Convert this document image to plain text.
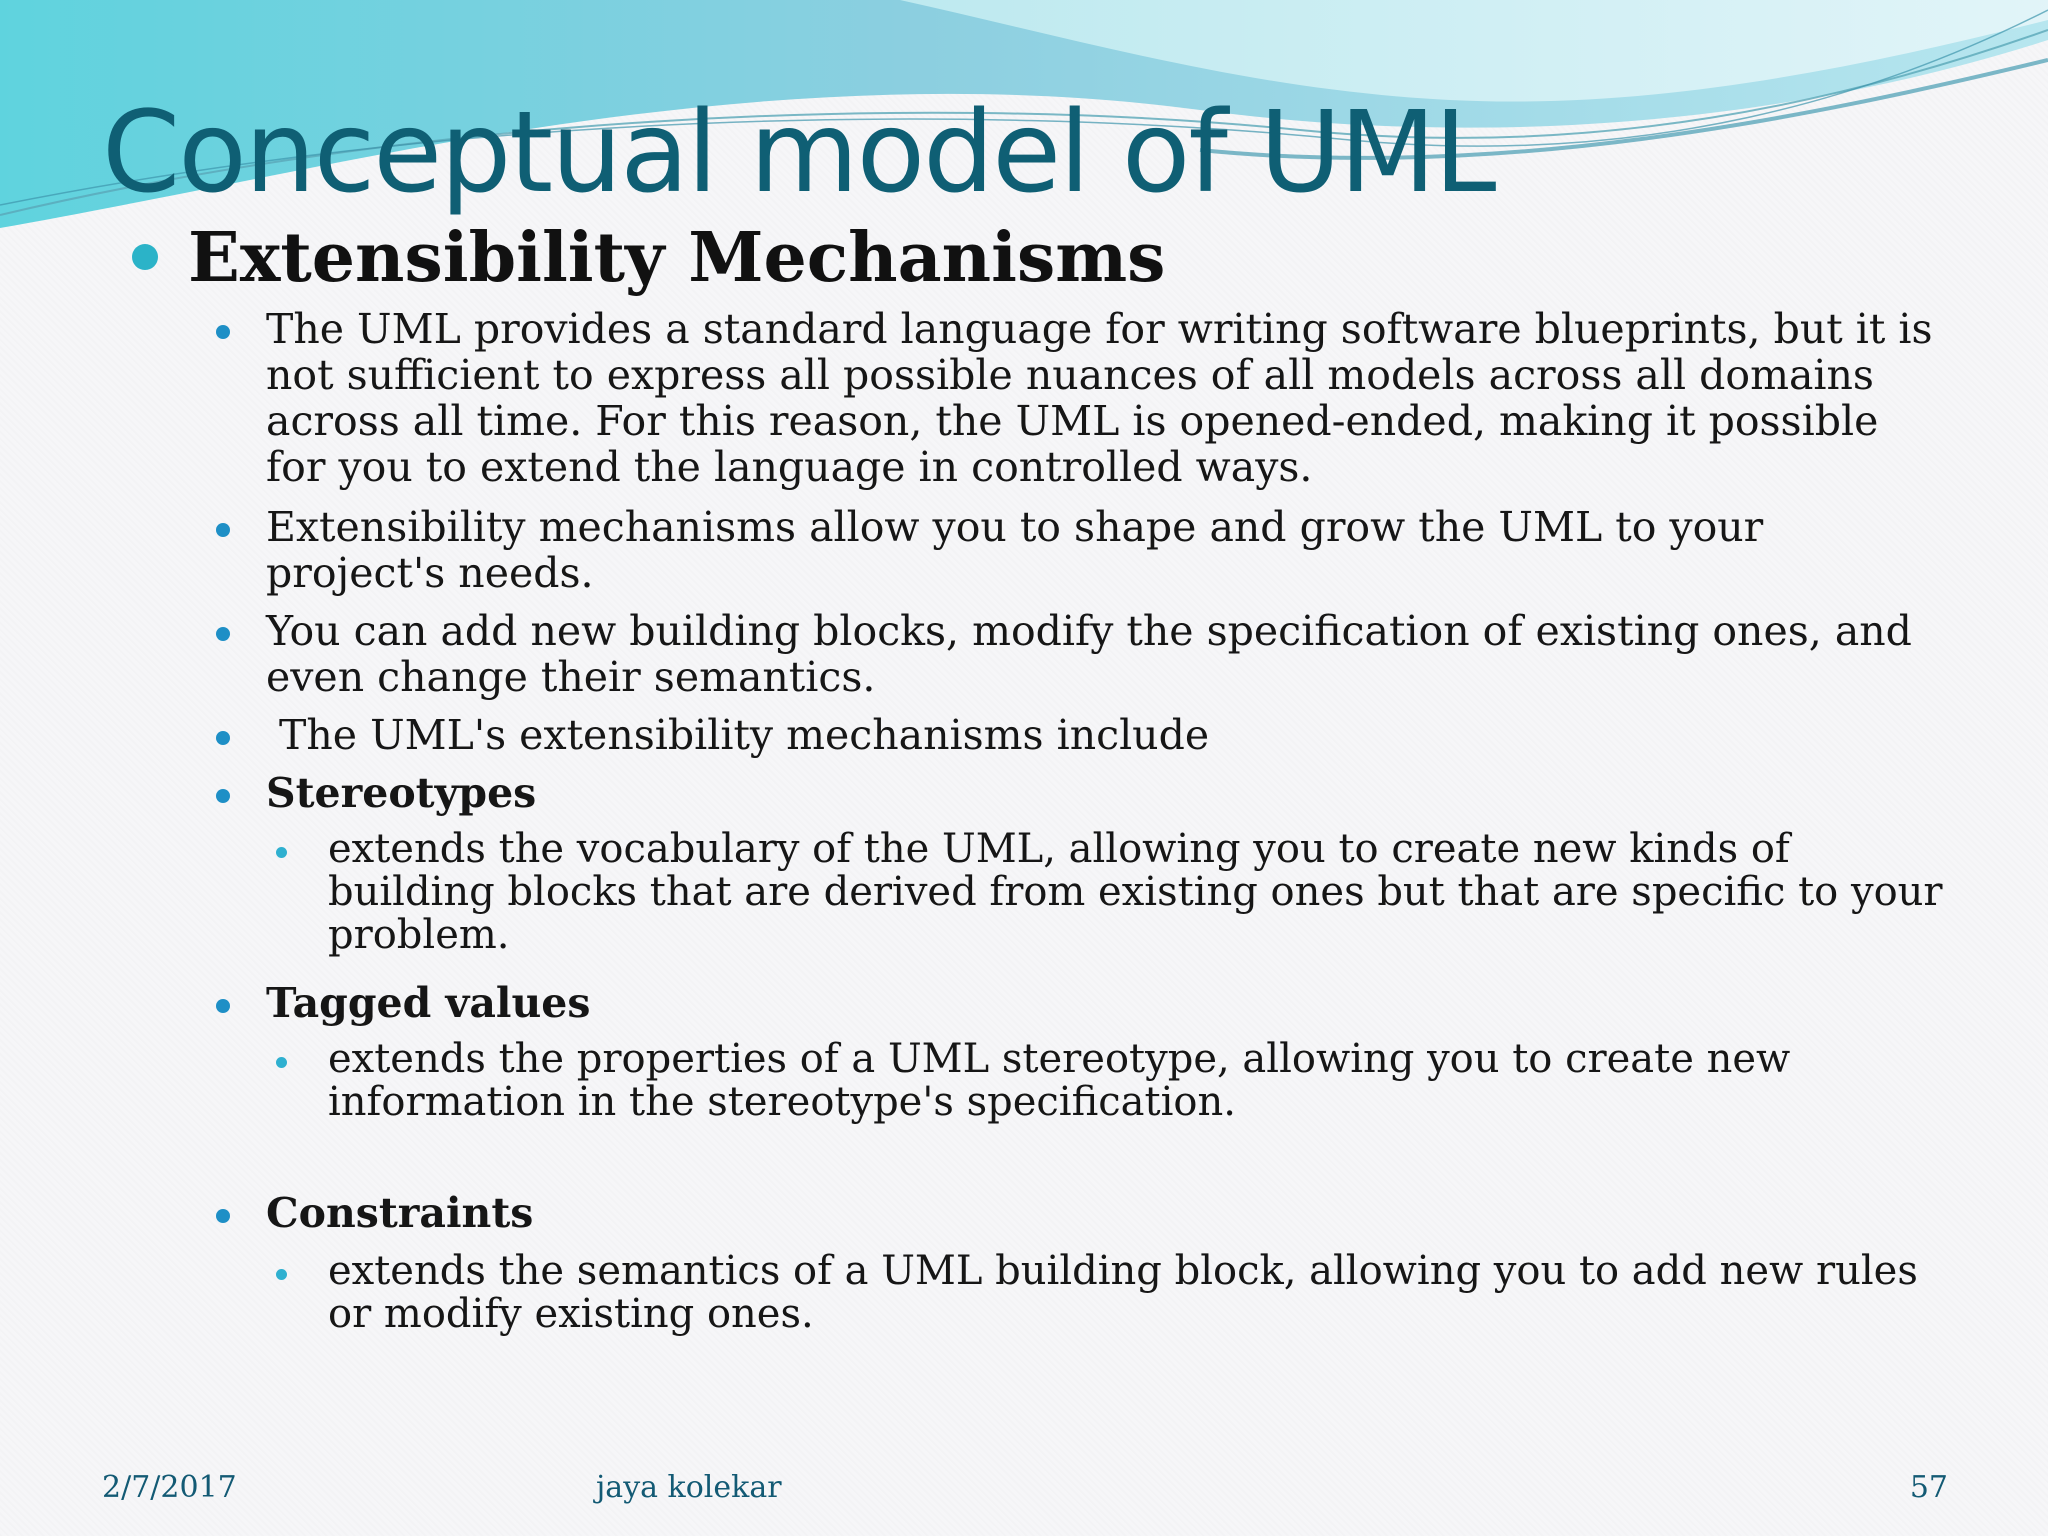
Conceptual model of UML
Extensibility Mechanisms
The UML provides a standard language for writing software blueprints, but it is not sufficient to express all possible nuances of all models across all domains across all time. For this reason, the UML is opened-ended, making it possible for you to extend the language in controlled ways.
Extensibility mechanisms allow you to shape and grow the UML to your project's needs.
You can add new building blocks, modify the specification of existing ones, and even change their semantics.
The UML's extensibility mechanisms include
Stereotypes
extends the vocabulary of the UML, allowing you to create new kinds of building blocks that are derived from existing ones but that are specific to your problem.
Tagged values
extends the properties of a UML stereotype, allowing you to create new information in the stereotype's specification.
Constraints
extends the semantics of a UML building block, allowing you to add new rules or modify existing ones.
2/7/2017	jaya kolekar	57
